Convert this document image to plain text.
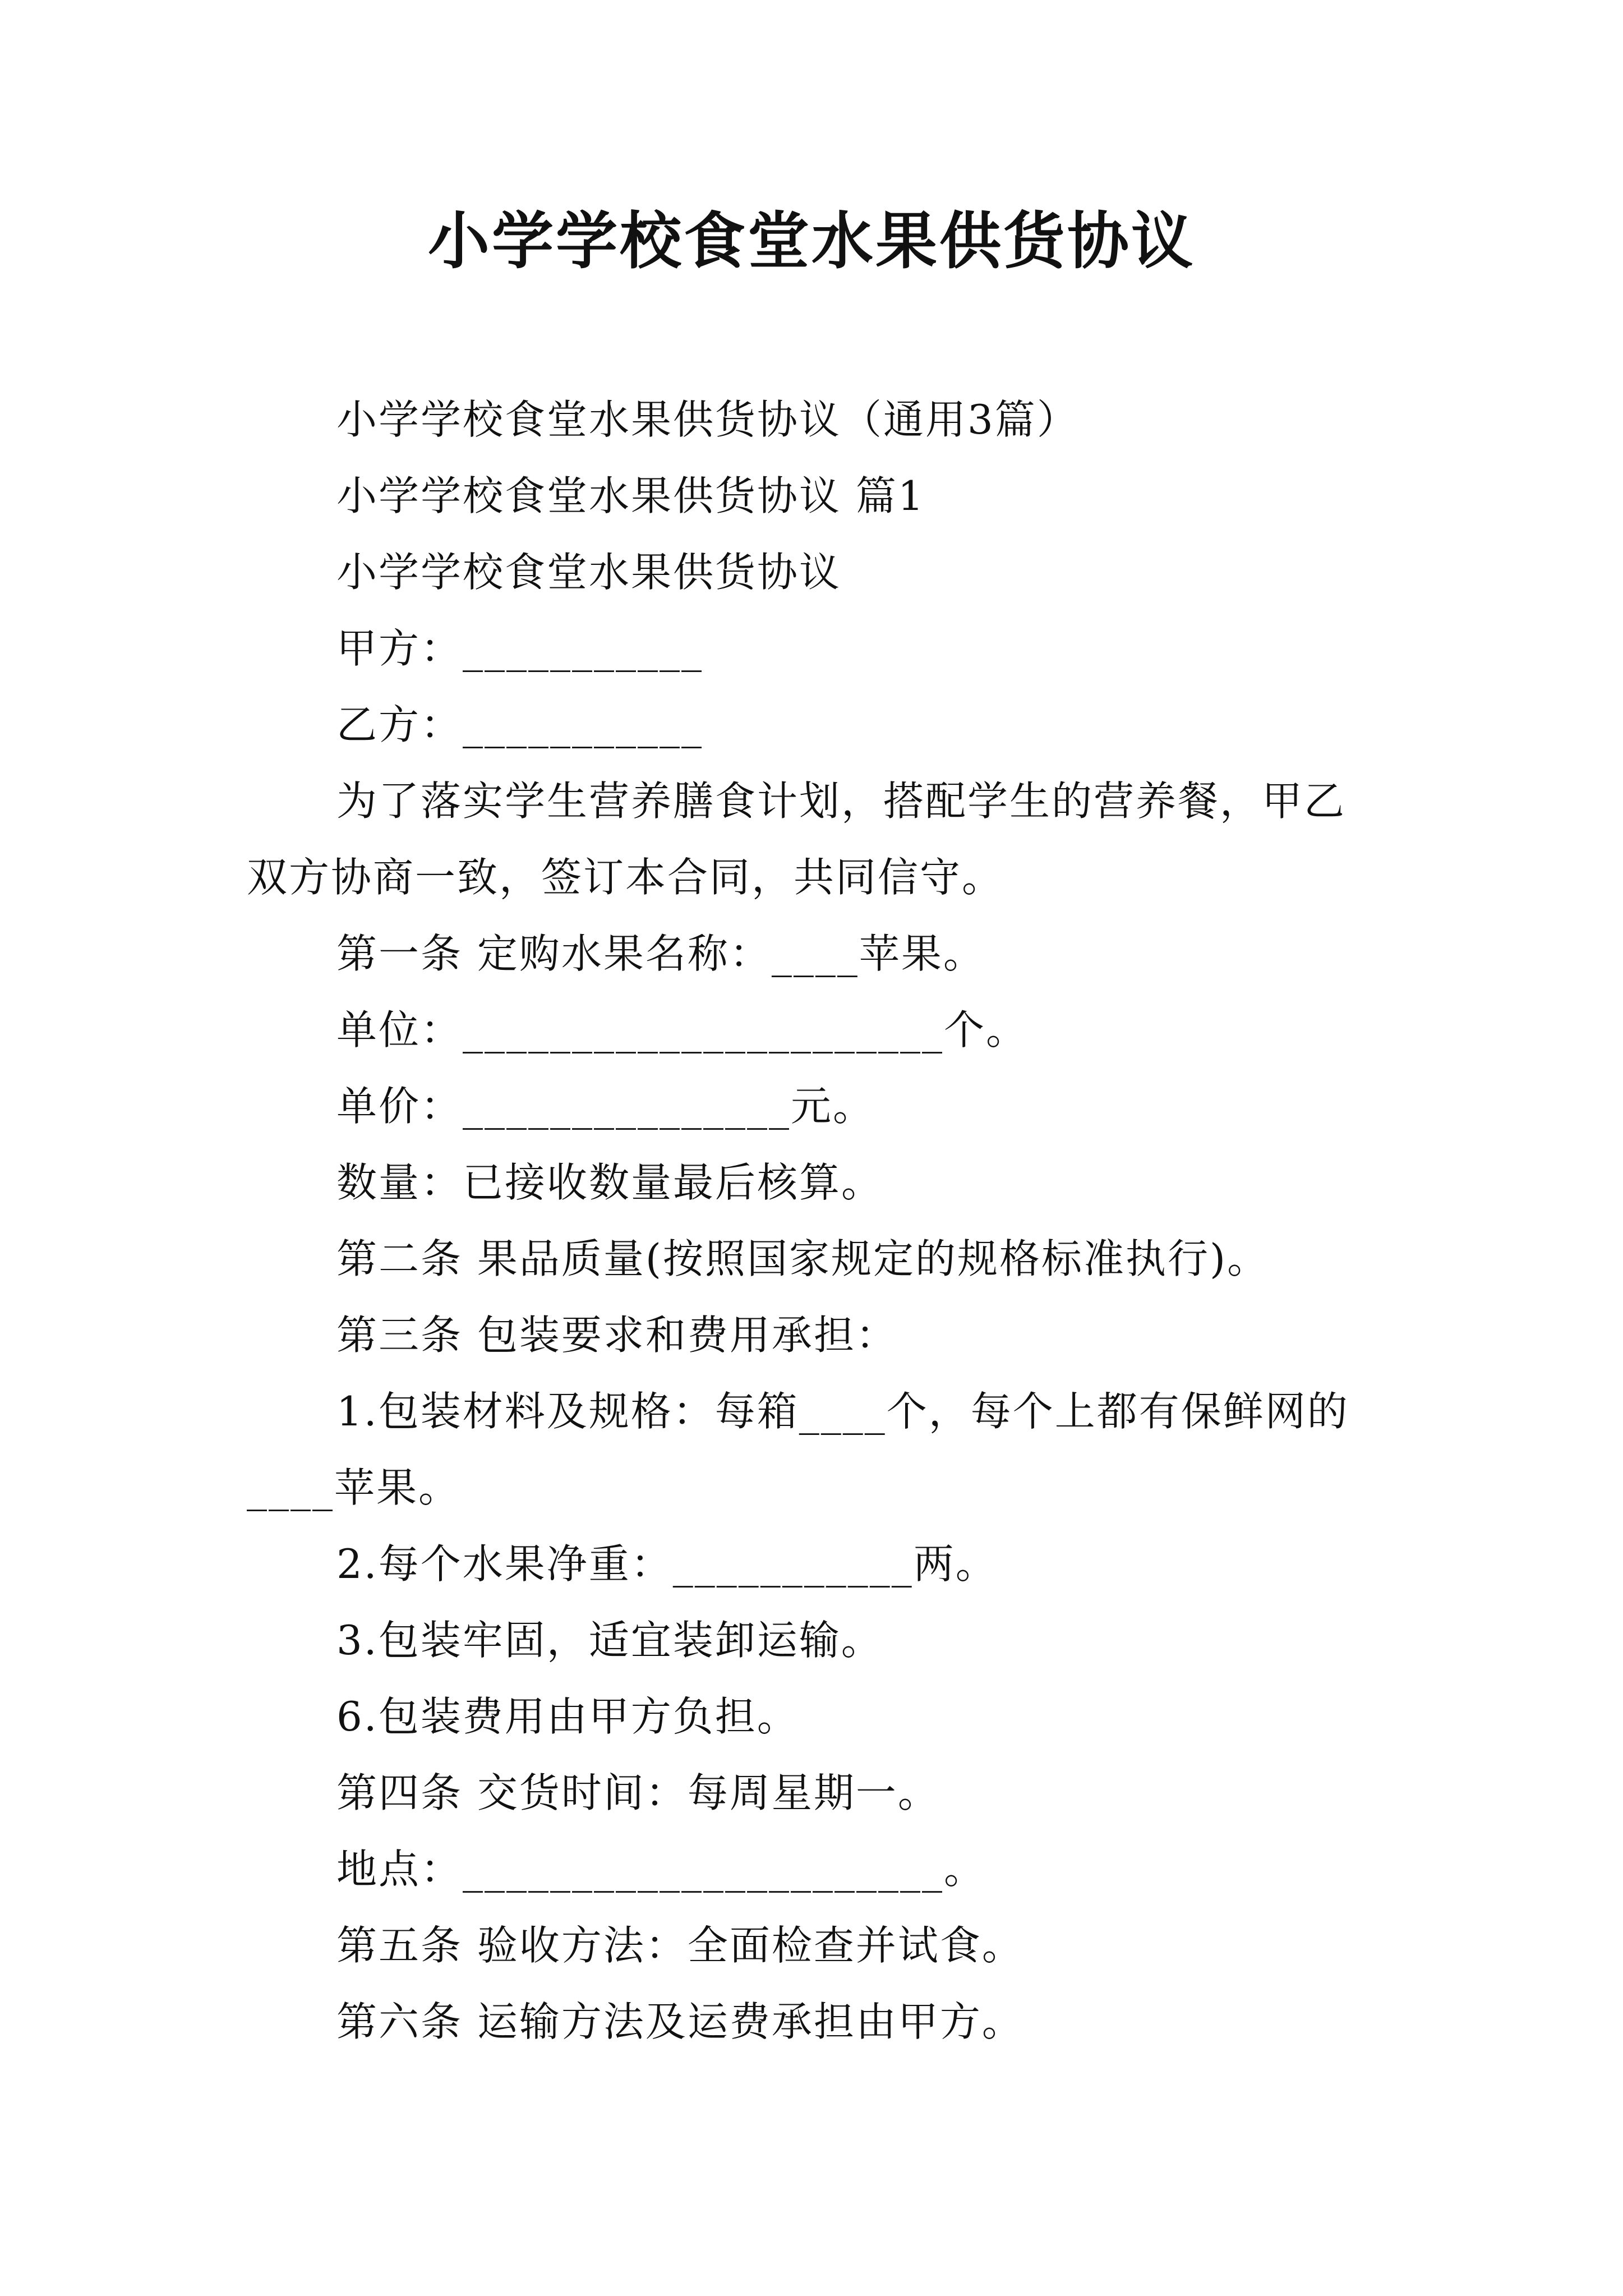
小学学校食堂水果供货协议

小学学校食堂水果供货协议（通用3篇）

小学学校食堂水果供货协议 篇1

小学学校食堂水果供货协议

甲方：___________

乙方：___________

为了落实学生营养膳食计划，搭配学生的营养餐，甲乙双方协商一致，签订本合同，共同信守。

第一条 定购水果名称：____苹果。

单位：______________________个。

单价：_______________元。

数量：已接收数量最后核算。

第二条 果品质量(按照国家规定的规格标准执行)。

第三条 包装要求和费用承担：

1.包装材料及规格：每箱____个，每个上都有保鲜网的____苹果。

2.每个水果净重：___________两。

3.包装牢固，适宜装卸运输。

6.包装费用由甲方负担。

第四条 交货时间：每周星期一。

地点：______________________。

第五条 验收方法：全面检查并试食。

第六条 运输方法及运费承担由甲方。
